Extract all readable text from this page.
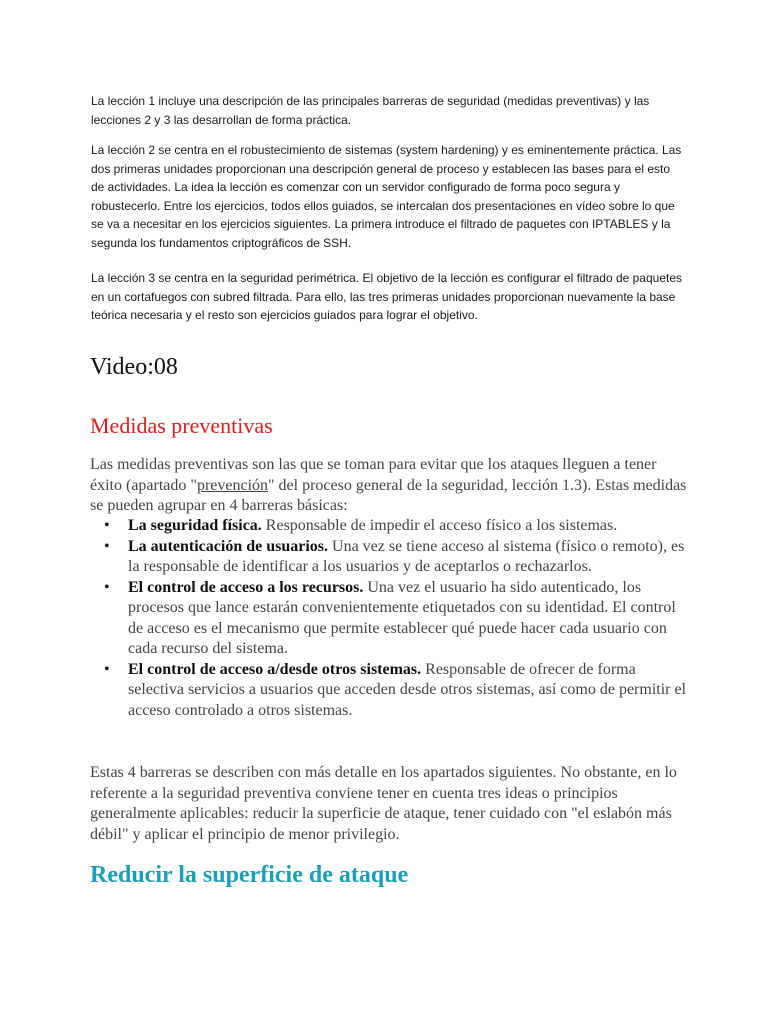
La lección 1 incluye una descripción de las principales barreras de seguridad (medidas preventivas) y las lecciones 2 y 3 las desarrollan de forma práctica.

La lección 2 se centra en el robustecimiento de sistemas (system hardening) y es eminentemente práctica. Las dos primeras unidades proporcionan una descripción general de proceso y establecen las bases para el esto de actividades. La idea la lección es comenzar con un servidor configurado de forma poco segura y robustecerlo. Entre los ejercicios, todos ellos guiados, se intercalan dos presentaciones en vídeo sobre lo que se va a necesitar en los ejercicios siguientes. La primera introduce el filtrado de paquetes con IPTABLES y la segunda los fundamentos criptográficos de SSH.

La lección 3 se centra en la seguridad perimétrica. El objetivo de la lección es configurar el filtrado de paquetes en un cortafuegos con subred filtrada. Para ello, las tres primeras unidades proporcionan nuevamente la base teórica necesaria y el resto son ejercicios guiados para lograr el objetivo.

Video:08
Medidas preventivas

Las medidas preventivas son las que se toman para evitar que los ataques lleguen a tener éxito (apartado "prevención" del proceso general de la seguridad, lección 1.3). Estas medidas se pueden agrupar en 4 barreras básicas:

• La seguridad física. Responsable de impedir el acceso físico a los sistemas.
• La autenticación de usuarios. Una vez se tiene acceso al sistema (físico o remoto), es la responsable de identificar a los usuarios y de aceptarlos o rechazarlos.
• El control de acceso a los recursos. Una vez el usuario ha sido autenticado, los procesos que lance estarán convenientemente etiquetados con su identidad. El control de acceso es el mecanismo que permite establecer qué puede hacer cada usuario con cada recurso del sistema.
• El control de acceso a/desde otros sistemas. Responsable de ofrecer de forma selectiva servicios a usuarios que acceden desde otros sistemas, así como de permitir el acceso controlado a otros sistemas.

Estas 4 barreras se describen con más detalle en los apartados siguientes. No obstante, en lo referente a la seguridad preventiva conviene tener en cuenta tres ideas o principios generalmente aplicables: reducir la superficie de ataque, tener cuidado con "el eslabón más débil" y aplicar el principio de menor privilegio.

Reducir la superficie de ataque
